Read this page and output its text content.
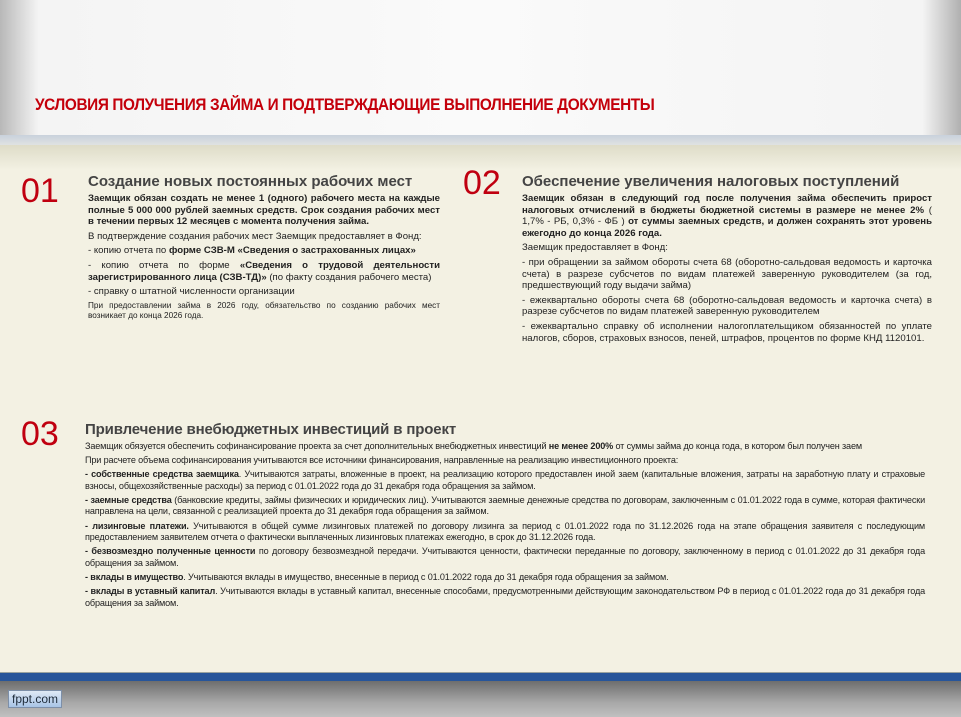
УСЛОВИЯ ПОЛУЧЕНИЯ ЗАЙМА И ПОДТВЕРЖДАЮЩИЕ ВЫПОЛНЕНИЕ ДОКУМЕНТЫ
01 Создание новых постоянных рабочих мест

Заемщик обязан создать не менее 1 (одного) рабочего места на каждые полные 5 000 000 рублей заемных средств. Срок создания рабочих мест в течении первых 12 месяцев с момента получения займа.

В подтверждение создания рабочих мест Заемщик предоставляет в Фонд:

- копию отчета по форме СЗВ-М «Сведения о застрахованных лицах»

- копию отчета по форме «Сведения о трудовой деятельности зарегистрированного лица (СЗВ-ТД)» (по факту создания рабочего места)

- справку о штатной численности организации

При предоставлении займа в 2026 году, обязательство по созданию рабочих мест возникает до конца 2026 года.

02 Обеспечение увеличения налоговых поступлений

Заемщик обязан в следующий год после получения займа обеспечить прирост налоговых отчислений в бюджеты бюджетной системы в размере не менее 2% ( 1,7% - РБ, 0,3% - ФБ ) от суммы заемных средств, и должен сохранять этот уровень ежегодно до конца 2026 года.

Заемщик предоставляет в Фонд:

- при обращении за займом обороты счета 68 (оборотно-сальдовая ведомость и карточка счета) в разрезе субсчетов по видам платежей заверенную руководителем (за год, предшествующий году выдачи займа)

- ежеквартально обороты счета 68 (оборотно-сальдовая ведомость и карточка счета) в разрезе субсчетов по видам платежей заверенную руководителем

- ежеквартально справку об исполнении налогоплательщиком обязанностей по уплате налогов, сборов, страховых взносов, пеней, штрафов, процентов по форме КНД 1120101.

03 Привлечение внебюджетных инвестиций в проект

Заемщик обязуется обеспечить софинансирование проекта за счет дополнительных внебюджетных инвестиций не менее 200% от суммы займа до конца года, в котором был получен заем

При расчете объема софинансирования учитываются все источники финансирования, направленные на реализацию инвестиционного проекта:

- собственные средства заемщика. Учитываются затраты, вложенные в проект, на реализацию которого предоставлен иной заем (капитальные вложения, затраты на заработную плату и страховые взносы, общехозяйственные расходы) за период с 01.01.2022 года до 31 декабря года обращения за займом.

- заемные средства (банковские кредиты, займы физических и юридических лиц). Учитываются заемные денежные средства по договорам, заключенным с 01.01.2022 года в сумме, которая фактически направлена на цели, связанной с реализацией проекта до 31 декабря года обращения за займом.

- лизинговые платежи. Учитываются в общей сумме лизинговых платежей по договору лизинга за период с 01.01.2022 года по 31.12.2026 года на этапе обращения заявителя с последующим предоставлением заявителем отчета о фактически выплаченных лизинговых платежах ежегодно, в срок до 31.12.2026 года.

- безвозмездно полученные ценности по договору безвозмездной передачи. Учитываются ценности, фактически переданные по договору, заключенному в период с 01.01.2022 до 31 декабря года обращения за займом.

- вклады в имущество. Учитываются вклады в имущество, внесенные в период с 01.01.2022 года до 31 декабря года обращения за займом.

- вклады в уставный капитал. Учитываются вклады в уставный капитал, внесенные способами, предусмотренными действующим законодательством РФ в период с 01.01.2022 года до 31 декабря года обращения за займом.

fppt.com
